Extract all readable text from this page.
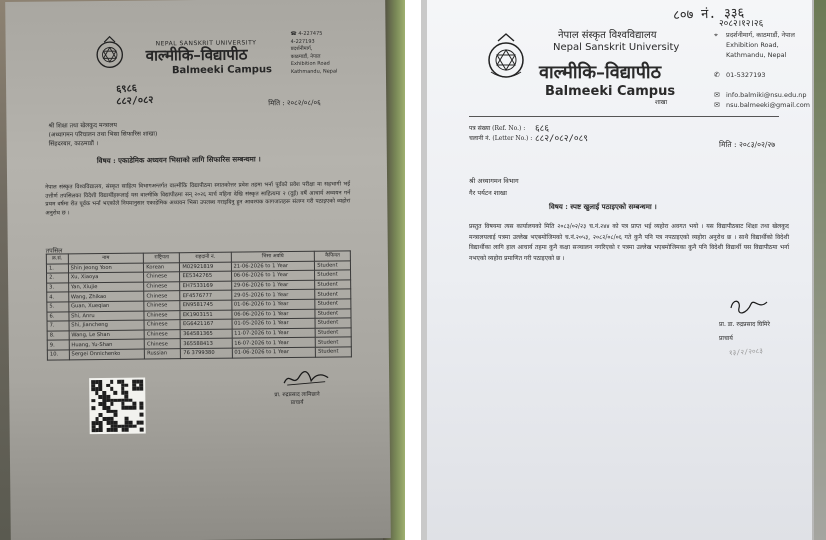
NEPAL SANSKRIT UNIVERSITY
वाल्मीकि–विद्यापीठ
Balmeeki Campus
☎ 4-227475
4-227193
प्रदर्शनीमार्ग,
काठमाडौं, नेपाल
Exhibition Road
Kathmandu, Nepal
६९८६
८८२/०८२	मिति : २०८२/०८/०६
श्री शिक्षा तथा खेलकुद मन्त्रालय
(अध्यागमन परिचालन तथा भिसा सिफारिस शाखा)
सिंहदरबार, काठमाडौं ।
विषय : एकाडेमिक अध्ययन भिसाको लागि सिफारिस सम्बन्धमा ।
नेपाल संस्कृत विश्वविद्यालय, संस्कृत साहित्य विभागअन्तर्गत वाल्मीकि विद्यापीठमा स्नातकोत्तर प्रवेश तहमा भर्ना पूर्वको प्रवेश परीक्षा मा सहभागी भई उत्तीर्ण तपसिलका विदेशी विद्यार्थीहरूलाई यस वाल्मीकि विद्यापीठमा सन् २०२६ मार्च महिना देखि संस्कृत साहित्यमा २ (दुई) वर्षे आचार्य अध्ययन गर्न प्रथम वर्षमा रीत पूर्वक भर्ना भएकोले नियमानुसार एकाडेमिक अध्ययन भिसा उपलब्ध गराइदिनु हुन आवश्यक कागजातहरू संलग्न गरी पठाइएको व्यहोरा अनुरोध छ ।
तपसिल
क्र.सं.	नाम	राष्ट्रियता	राहदानी नं.	भिसा अवधि	कैफियत
1.	Shin Jeong Yoon	Korean	M02921819	21-06-2026 to 1 Year	Student
2.	Xu, Xiaoya	Chinese	EE5342765	06-06-2026 to 1 Year	Student
3.	Yan, Xiujie	Chinese	EH7533169	29-06-2026 to 1 Year	Student
4.	Wang, Zhikao	Chinese	EF4576777	29-05-2026 to 1 Year	Student
5.	Guan, Xueqian	Chinese	EN9581745	01-06-2026 to 1 Year	Student
6.	Shi, Anru	Chinese	EK1903151	06-06-2026 to 1 Year	Student
7.	Shi, Jiancheng	Chinese	EG6421167	01-05-2026 to 1 Year	Student
8.	Wang, Le Shan	Chinese	364581365	11-07-2026 to 1 Year	Student
9.	Huang, Yu-Shan	Chinese	365588413	16-07-2026 to 1 Year	Student
10.	Sergei Onnichenko	Russian	76 3799380	01-06-2026 to 1 Year	Student
प्रा. रुद्रप्रसाद लामिछाने
प्राचार्य
८०७ नं. ३३६
२०८२।१२।२६
नेपाल संस्कृत विश्वविद्यालय
Nepal Sanskrit University
वाल्मीकि–विद्यापीठ
Balmeeki Campus
शाखा
⌖	प्रदर्शनीमार्ग, काठमाडौं, नेपाल
Exhibition Road,
Kathmandu, Nepal
✆ 01-5327193
✉ info.balmiki@nsu.edu.np
✉ nsu.balmeeki@gmail.com
पत्र संख्या (Ref. No.) : ६८६
चलानी नं. (Letter No.) : ८८२/०८२/०८९
मिति : २०८३/०२/२७
श्री अध्यागमन विभाग
गैर पर्यटन शाखा
विषय : स्पष्ट खुलाई पठाइएको सम्बन्धमा ।
प्रस्तुत विषयमा त्यस कार्यालयको मिति २०८३/०२/२३ च.नं.२४४ को पत्र प्राप्त भई व्यहोरा अवगत भयो । यस विद्यापीठबाट शिक्षा तथा खेलकुद मन्त्रालयलाई पत्रमा उल्लेख भएबमोजिमको च.नं.२०५३, २०८२/०८/०६ गते कुनै पनि पत्र नपठाइएको व्यहोरा अनुरोध छ । साथै विद्यार्थीको विदेशी विद्यार्थीका लागि हाल आचार्य तहमा कुनै कक्षा सञ्चालन नगरिएको र पत्रमा उल्लेख भएबमोजिमका कुनै पनि विदेशी विद्यार्थी यस विद्यापीठमा भर्ना नभएको व्यहोरा प्रमाणित गरी पठाइएको छ ।
प्रा. डा. रुद्रप्रसाद घिमिरे
प्राचार्य
१३/२/२०८३
